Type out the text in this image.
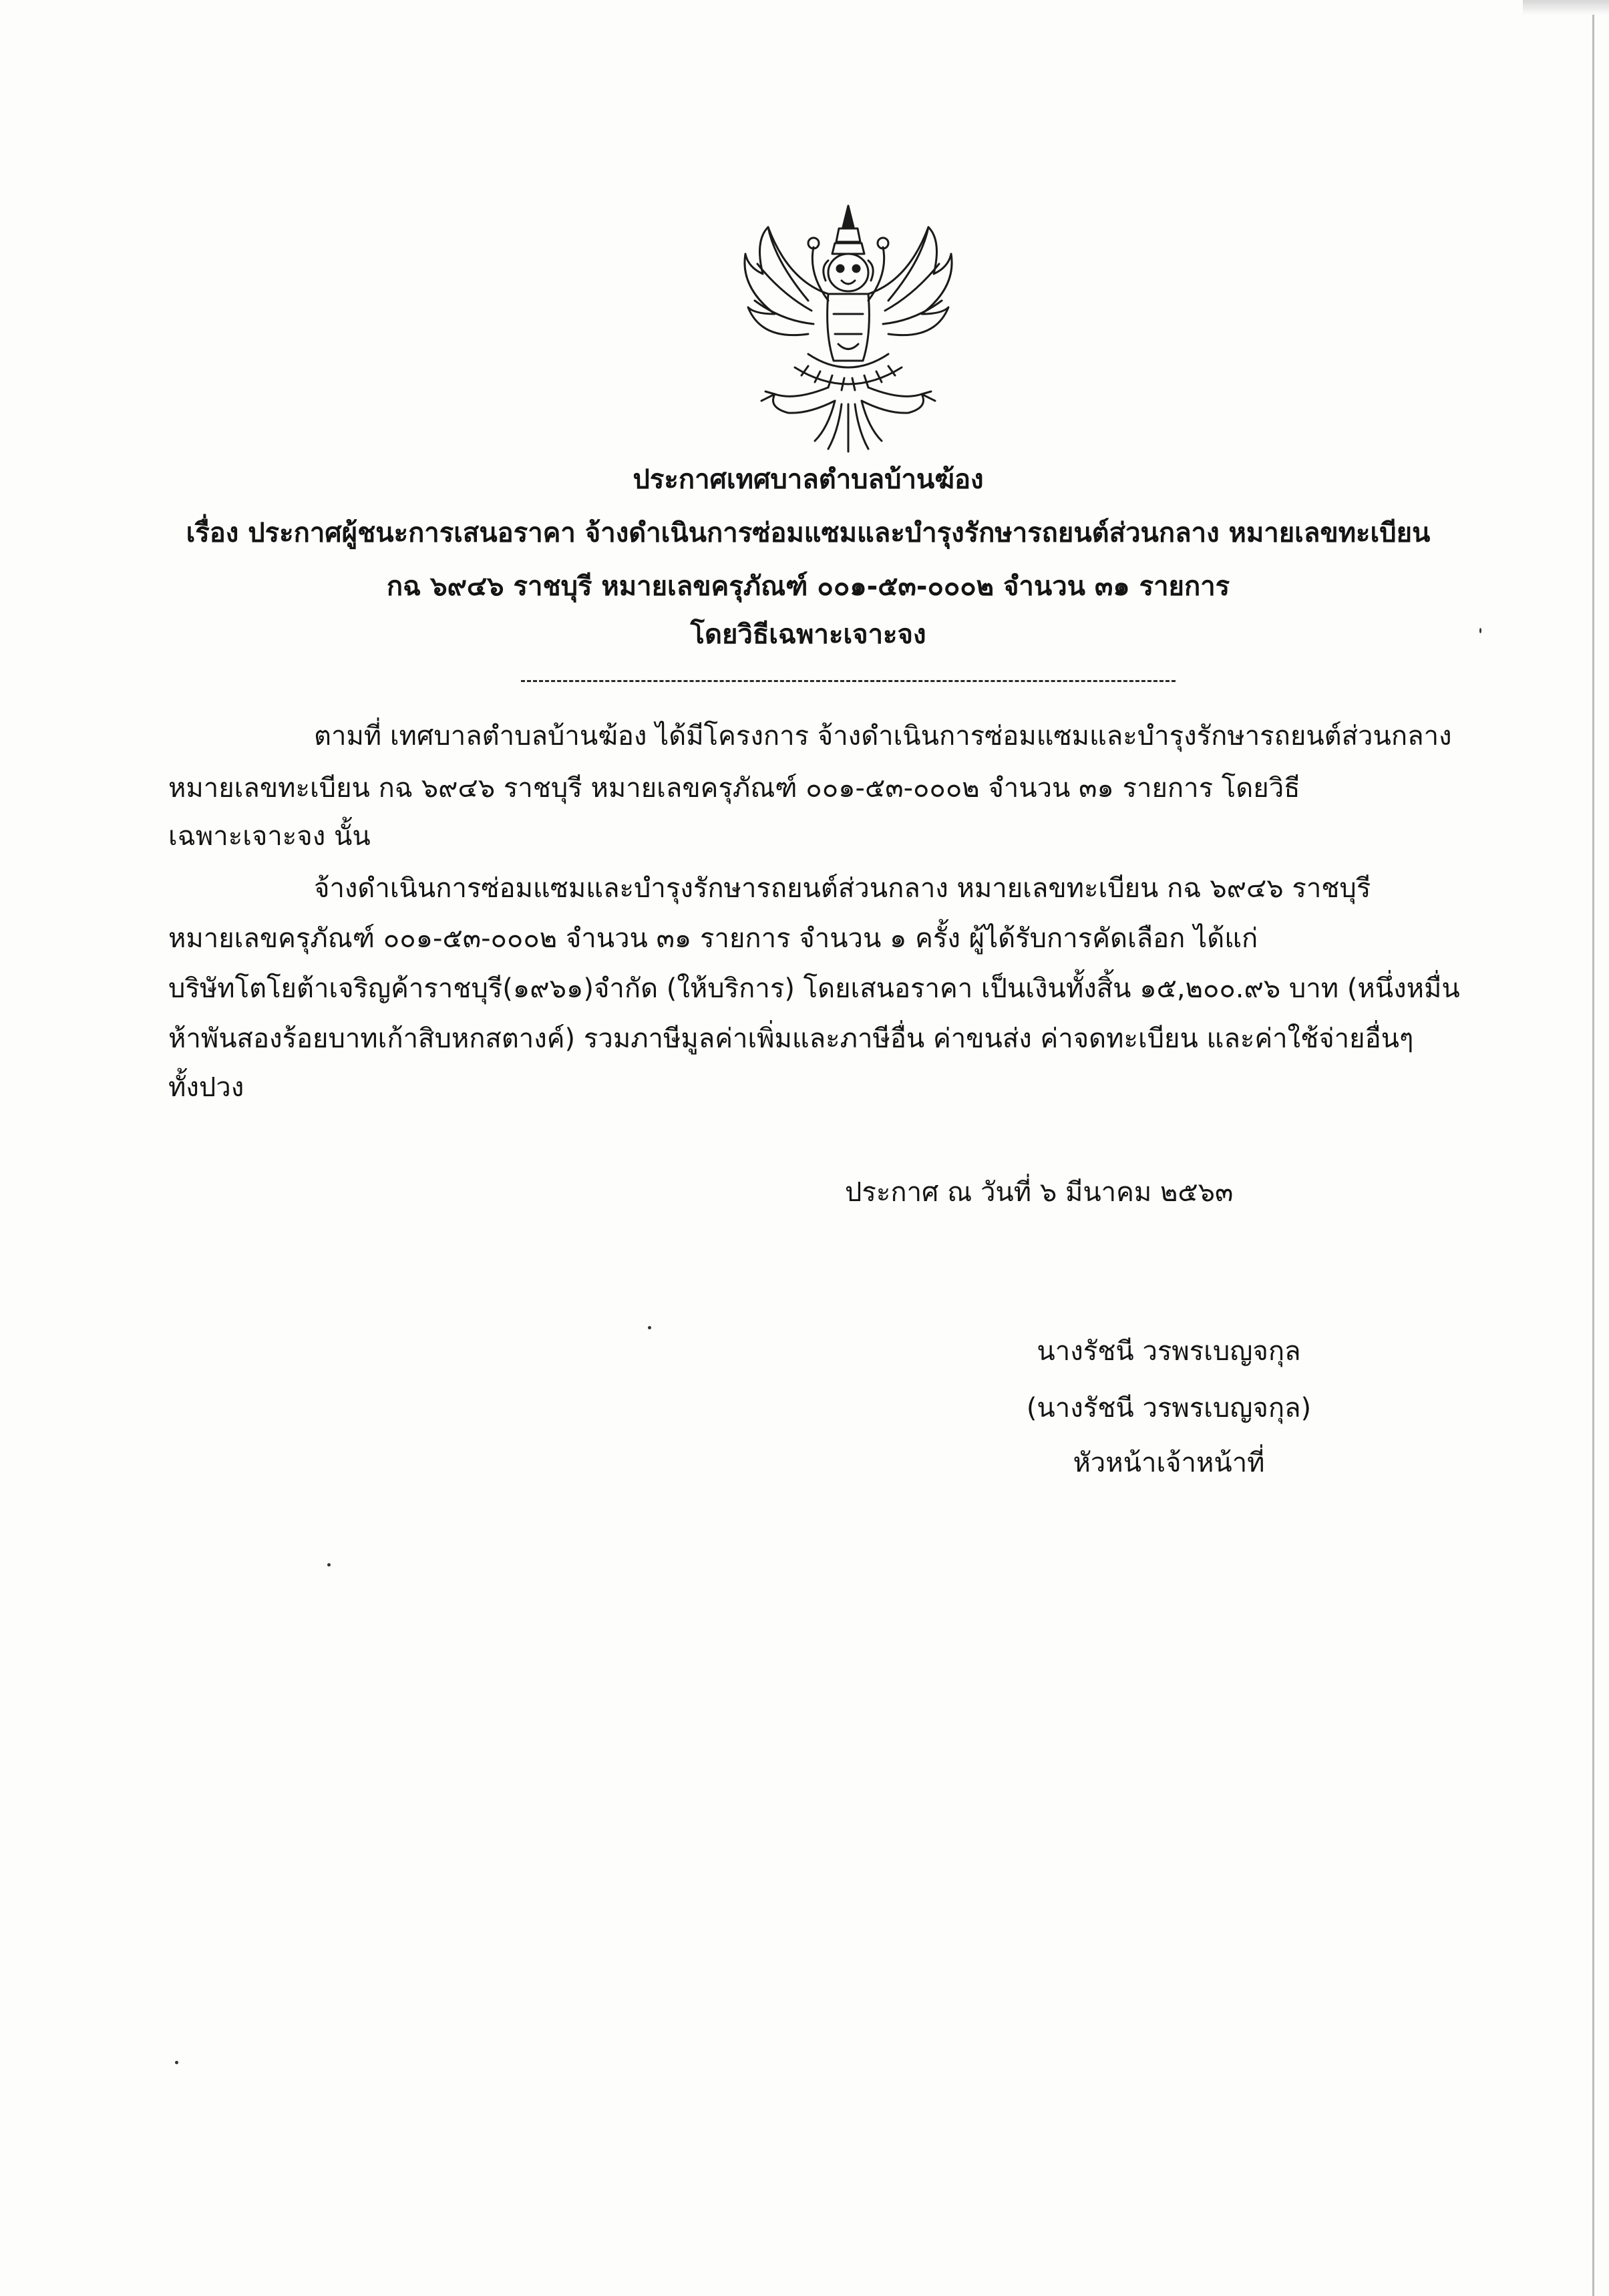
ประกาศเทศบาลตำบลบ้านฆ้อง
เรื่อง ประกาศผู้ชนะการเสนอราคา จ้างดำเนินการซ่อมแซมและบำรุงรักษารถยนต์ส่วนกลาง หมายเลขทะเบียน
กฉ ๖๙๔๖ ราชบุรี หมายเลขครุภัณฑ์ ๐๐๑-๕๓-๐๐๐๒ จำนวน ๓๑ รายการ
โดยวิธีเฉพาะเจาะจง
ตามที่ เทศบาลตำบลบ้านฆ้อง ได้มีโครงการ จ้างดำเนินการซ่อมแซมและบำรุงรักษารถยนต์ส่วนกลาง
หมายเลขทะเบียน กฉ ๖๙๔๖ ราชบุรี หมายเลขครุภัณฑ์ ๐๐๑-๕๓-๐๐๐๒ จำนวน ๓๑ รายการ โดยวิธี
เฉพาะเจาะจง นั้น
จ้างดำเนินการซ่อมแซมและบำรุงรักษารถยนต์ส่วนกลาง หมายเลขทะเบียน กฉ ๖๙๔๖ ราชบุรี
หมายเลขครุภัณฑ์ ๐๐๑-๕๓-๐๐๐๒ จำนวน ๓๑ รายการ จำนวน ๑ ครั้ง ผู้ได้รับการคัดเลือก ได้แก่
บริษัทโตโยต้าเจริญค้าราชบุรี(๑๙๖๑)จำกัด (ให้บริการ) โดยเสนอราคา เป็นเงินทั้งสิ้น ๑๕,๒๐๐.๙๖ บาท (หนึ่งหมื่น
ห้าพันสองร้อยบาทเก้าสิบหกสตางค์) รวมภาษีมูลค่าเพิ่มและภาษีอื่น ค่าขนส่ง ค่าจดทะเบียน และค่าใช้จ่ายอื่นๆ
ทั้งปวง
ประกาศ ณ วันที่ ๖ มีนาคม ๒๕๖๓
นางรัชนี วรพรเบญจกุล
(นางรัชนี วรพรเบญจกุล)
หัวหน้าเจ้าหน้าที่
